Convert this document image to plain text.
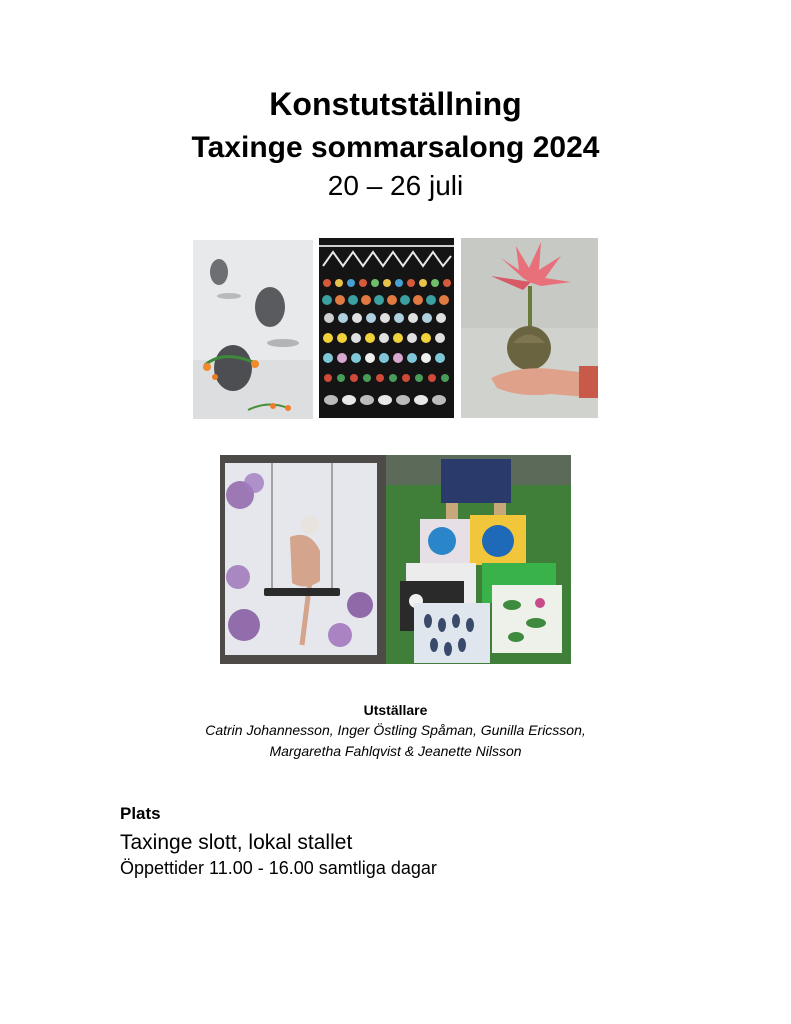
Konstutställning
Taxinge sommarsalong 2024
20 – 26 juli
Utställare
Catrin Johannesson, Inger Östling Spåman, Gunilla Ericsson,
Margaretha Fahlqvist & Jeanette Nilsson
Plats
Taxinge slott, lokal stallet
Öppettider 11.00 - 16.00 samtliga dagar
